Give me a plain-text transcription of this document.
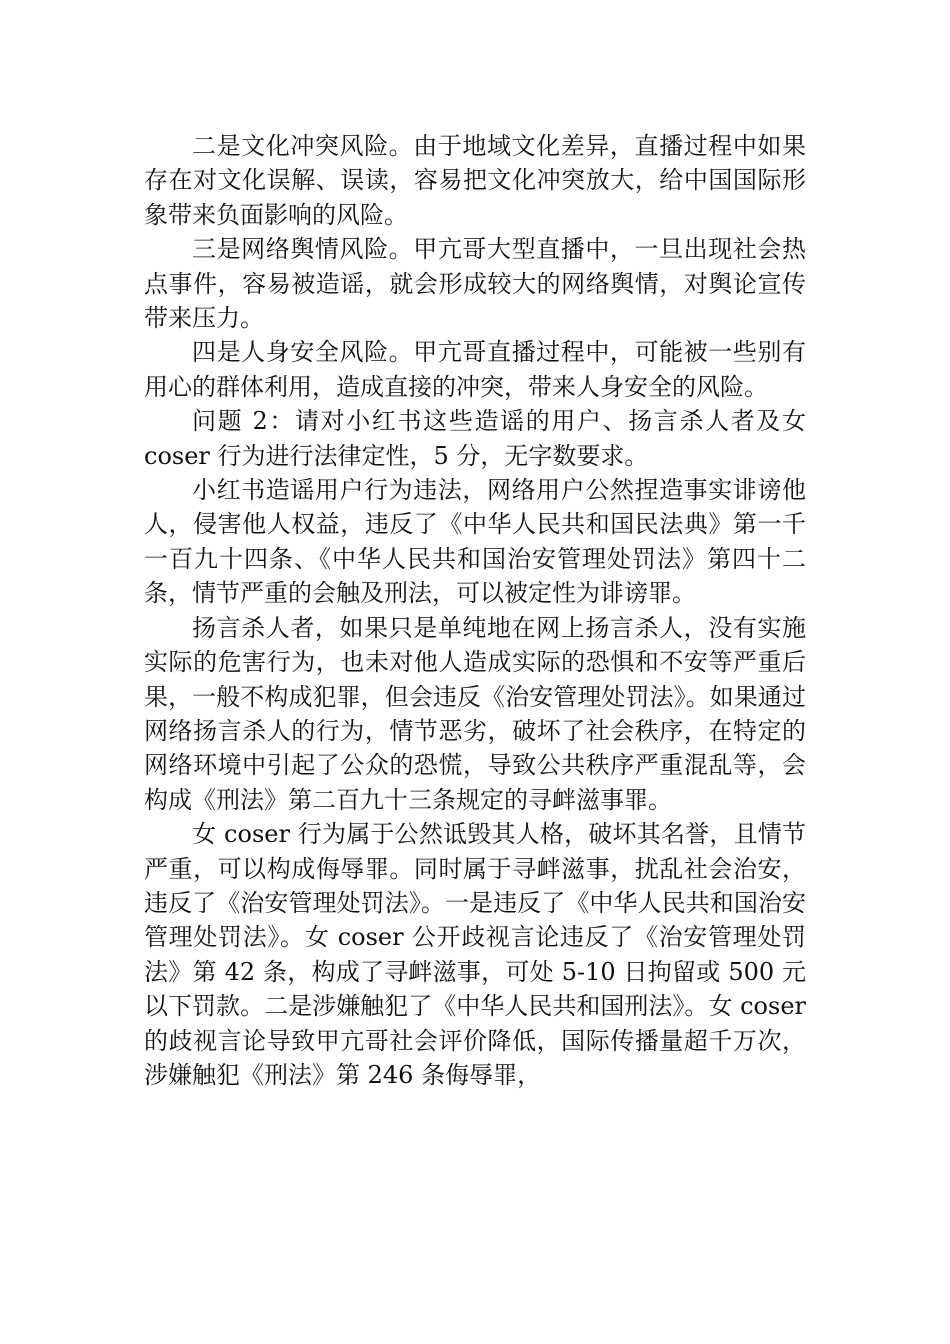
二是文化冲突风险。由于地域文化差异，直播过程中如果存在对文化误解、误读，容易把文化冲突放大，给中国国际形象带来负面影响的风险。

三是网络舆情风险。甲亢哥大型直播中，一旦出现社会热点事件，容易被造谣，就会形成较大的网络舆情，对舆论宣传带来压力。

四是人身安全风险。甲亢哥直播过程中，可能被一些别有用心的群体利用，造成直接的冲突，带来人身安全的风险。

问题 2：请对小红书这些造谣的用户、扬言杀人者及女 coser 行为进行法律定性，5 分，无字数要求。

小红书造谣用户行为违法，网络用户公然捏造事实诽谤他人，侵害他人权益，违反了《中华人民共和国民法典》第一千一百九十四条、《中华人民共和国治安管理处罚法》第四十二条，情节严重的会触及刑法，可以被定性为诽谤罪。

扬言杀人者，如果只是单纯地在网上扬言杀人，没有实施实际的危害行为，也未对他人造成实际的恐惧和不安等严重后果，一般不构成犯罪，但会违反《治安管理处罚法》。如果通过网络扬言杀人的行为，情节恶劣，破坏了社会秩序，在特定的网络环境中引起了公众的恐慌，导致公共秩序严重混乱等，会构成《刑法》第二百九十三条规定的寻衅滋事罪。

女 coser 行为属于公然诋毁其人格，破坏其名誉，且情节严重，可以构成侮辱罪。同时属于寻衅滋事，扰乱社会治安，违反了《治安管理处罚法》。一是违反了《中华人民共和国治安管理处罚法》。女 coser 公开歧视言论违反了《治安管理处罚法》第 42 条，构成了寻衅滋事，可处 5-10 日拘留或 500 元以下罚款。二是涉嫌触犯了《中华人民共和国刑法》。女 coser 的歧视言论导致甲亢哥社会评价降低，国际传播量超千万次，涉嫌触犯《刑法》第 246 条侮辱罪，
